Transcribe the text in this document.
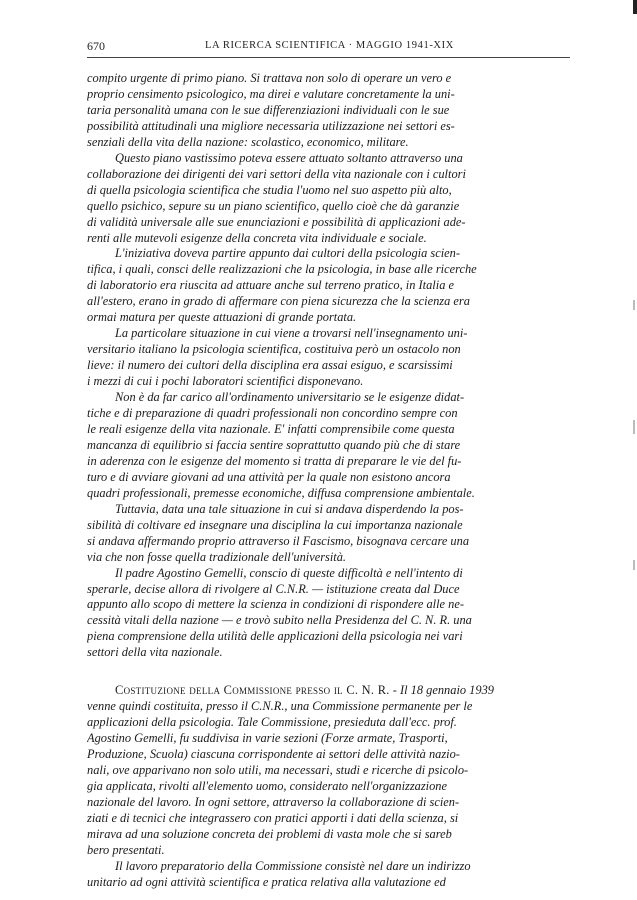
670	LA RICERCA SCIENTIFICA · MAGGIO 1941-XIX

compito urgente di primo piano. Si trattava non solo di operare un vero e
proprio censimento psicologico, ma direi e valutare concretamente la uni-
taria personalità umana con le sue differenziazioni individuali con le sue
possibilità attitudinali una migliore necessaria utilizzazione nei settori es-
senziali della vita della nazione: scolastico, economico, militare.

Questo piano vastissimo poteva essere attuato soltanto attraverso una
collaborazione dei dirigenti dei vari settori della vita nazionale con i cultori
di quella psicologia scientifica che studia l'uomo nel suo aspetto più alto,
quello psichico, sepure su un piano scientifico, quello cioè che dà garanzie
di validità universale alle sue enunciazioni e possibilità di applicazioni ade-
renti alle mutevoli esigenze della concreta vita individuale e sociale.

L'iniziativa doveva partire appunto dai cultori della psicologia scien-
tifica, i quali, consci delle realizzazioni che la psicologia, in base alle ricerche
di laboratorio era riuscita ad attuare anche sul terreno pratico, in Italia e
all'estero, erano in grado di affermare con piena sicurezza che la scienza era
ormai matura per queste attuazioni di grande portata.

La particolare situazione in cui viene a trovarsi nell'insegnamento uni-
versitario italiano la psicologia scientifica, costituiva però un ostacolo non
lieve: il numero dei cultori della disciplina era assai esiguo, e scarsissimi
i mezzi di cui i pochi laboratori scientifici disponevano.

Non è da far carico all'ordinamento universitario se le esigenze didat-
tiche e di preparazione di quadri professionali non concordino sempre con
le reali esigenze della vita nazionale. E' infatti comprensibile come questa
mancanza di equilibrio si faccia sentire soprattutto quando più che di stare
in aderenza con le esigenze del momento si tratta di preparare le vie del fu-
turo e di avviare giovani ad una attività per la quale non esistono ancora
quadri professionali, premesse economiche, diffusa comprensione ambientale.

Tuttavia, data una tale situazione in cui si andava disperdendo la pos-
sibilità di coltivare ed insegnare una disciplina la cui importanza nazionale
si andava affermando proprio attraverso il Fascismo, bisognava cercare una
via che non fosse quella tradizionale dell'università.

Il padre Agostino Gemelli, conscio di queste difficoltà e nell'intento di
sperarle, decise allora di rivolgere al C.N.R. — istituzione creata dal Duce
appunto allo scopo di mettere la scienza in condizioni di rispondere alle ne-
cessità vitali della nazione — e trovò subito nella Presidenza del C. N. R. una
piena comprensione della utilità delle applicazioni della psicologia nei vari
settori della vita nazionale.

Costituzione della Commissione presso il C. N. R. - Il 18 gennaio 1939
venne quindi costituita, presso il C.N.R., una Commissione permanente per le
applicazioni della psicologia. Tale Commissione, presieduta dall'ecc. prof.
Agostino Gemelli, fu suddivisa in varie sezioni (Forze armate, Trasporti,
Produzione, Scuola) ciascuna corrispondente ai settori delle attività nazio-
nali, ove apparivano non solo utili, ma necessari, studi e ricerche di psicolo-
gia applicata, rivolti all'elemento uomo, considerato nell'organizzazione
nazionale del lavoro. In ogni settore, attraverso la collaborazione di scien-
ziati e di tecnici che integrassero con pratici apporti i dati della scienza, si
mirava ad una soluzione concreta dei problemi di vasta mole che si sareb
bero presentati.

Il lavoro preparatorio della Commissione consistè nel dare un indirizzo
unitario ad ogni attività scientifica e pratica relativa alla valutazione ed
